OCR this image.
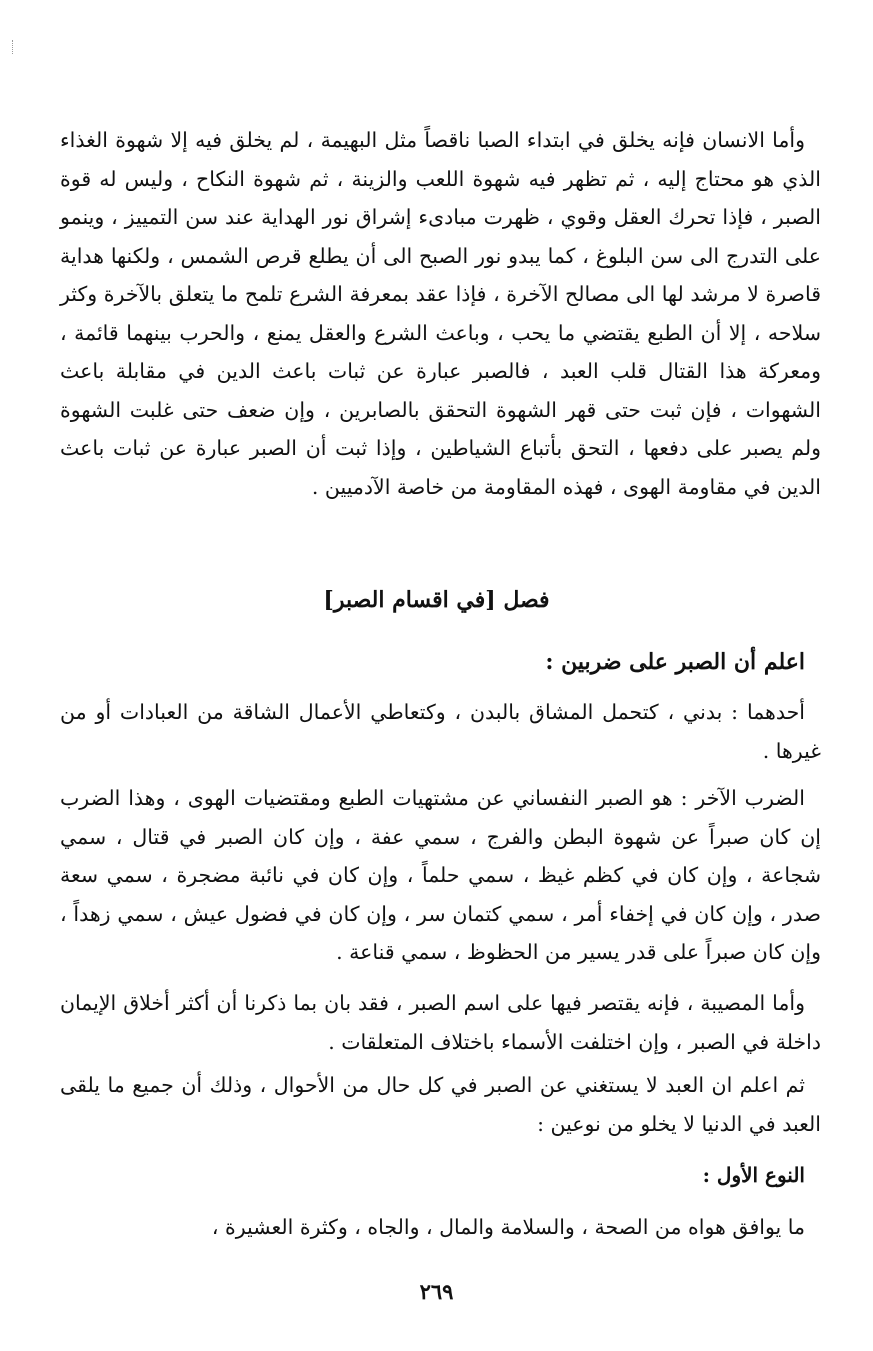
وأما الانسان فإنه يخلق في ابتداء الصبا ناقصاً مثل البهيمة ، لم يخلق فيه إلا شهوة الغذاء الذي هو محتاج إليه ، ثم تظهر فيه شهوة اللعب والزينة ، ثم شهوة النكاح ، وليس له قوة الصبر ، فإذا تحرك العقل وقوي ، ظهرت مبادىء إشراق نور الهداية عند سن التمييز ، وينمو على التدرج الى سن البلوغ ، كما يبدو نور الصبح الى أن يطلع قرص الشمس ، ولكنها هداية قاصرة لا مرشد لها الى مصالح الآخرة ، فإذا عقد بمعرفة الشرع تلمح ما يتعلق بالآخرة وكثر سلاحه ، إلا أن الطبع يقتضي ما يحب ، وباعث الشرع والعقل يمنع ، والحرب بينهما قائمة ، ومعركة هذا القتال قلب العبد ، فالصبر عبارة عن ثبات باعث الدين في مقابلة باعث الشهوات ، فإن ثبت حتى قهر الشهوة التحقق بالصابرين ، وإن ضعف حتى غلبت الشهوة ولم يصبر على دفعها ، التحق بأتباع الشياطين ، وإذا ثبت أن الصبر عبارة عن ثبات باعث الدين في مقاومة الهوى ، فهذه المقاومة من خاصة الآدميين .

فصل [في اقسام الصبر]
اعلم أن الصبر على ضربين :

أحدهما : بدني ، كتحمل المشاق بالبدن ، وكتعاطي الأعمال الشاقة من العبادات أو من غيرها .

الضرب الآخر : هو الصبر النفساني عن مشتهيات الطبع ومقتضيات الهوى ، وهذا الضرب إن كان صبراً عن شهوة البطن والفرج ، سمي عفة ، وإن كان الصبر في قتال ، سمي شجاعة ، وإن كان في كظم غيظ ، سمي حلماً ، وإن كان في نائبة مضجرة ، سمي سعة صدر ، وإن كان في إخفاء أمر ، سمي كتمان سر ، وإن كان في فضول عيش ، سمي زهداً ، وإن كان صبراً على قدر يسير من الحظوظ ، سمي قناعة .

وأما المصيبة ، فإنه يقتصر فيها على اسم الصبر ، فقد بان بما ذكرنا أن أكثر أخلاق الإيمان داخلة في الصبر ، وإن اختلفت الأسماء باختلاف المتعلقات .

ثم اعلم ان العبد لا يستغني عن الصبر في كل حال من الأحوال ، وذلك أن جميع ما يلقى العبد في الدنيا لا يخلو من نوعين :

النوع الأول :

ما يوافق هواه من الصحة ، والسلامة والمال ، والجاه ، وكثرة العشيرة ،

٢٦٩
